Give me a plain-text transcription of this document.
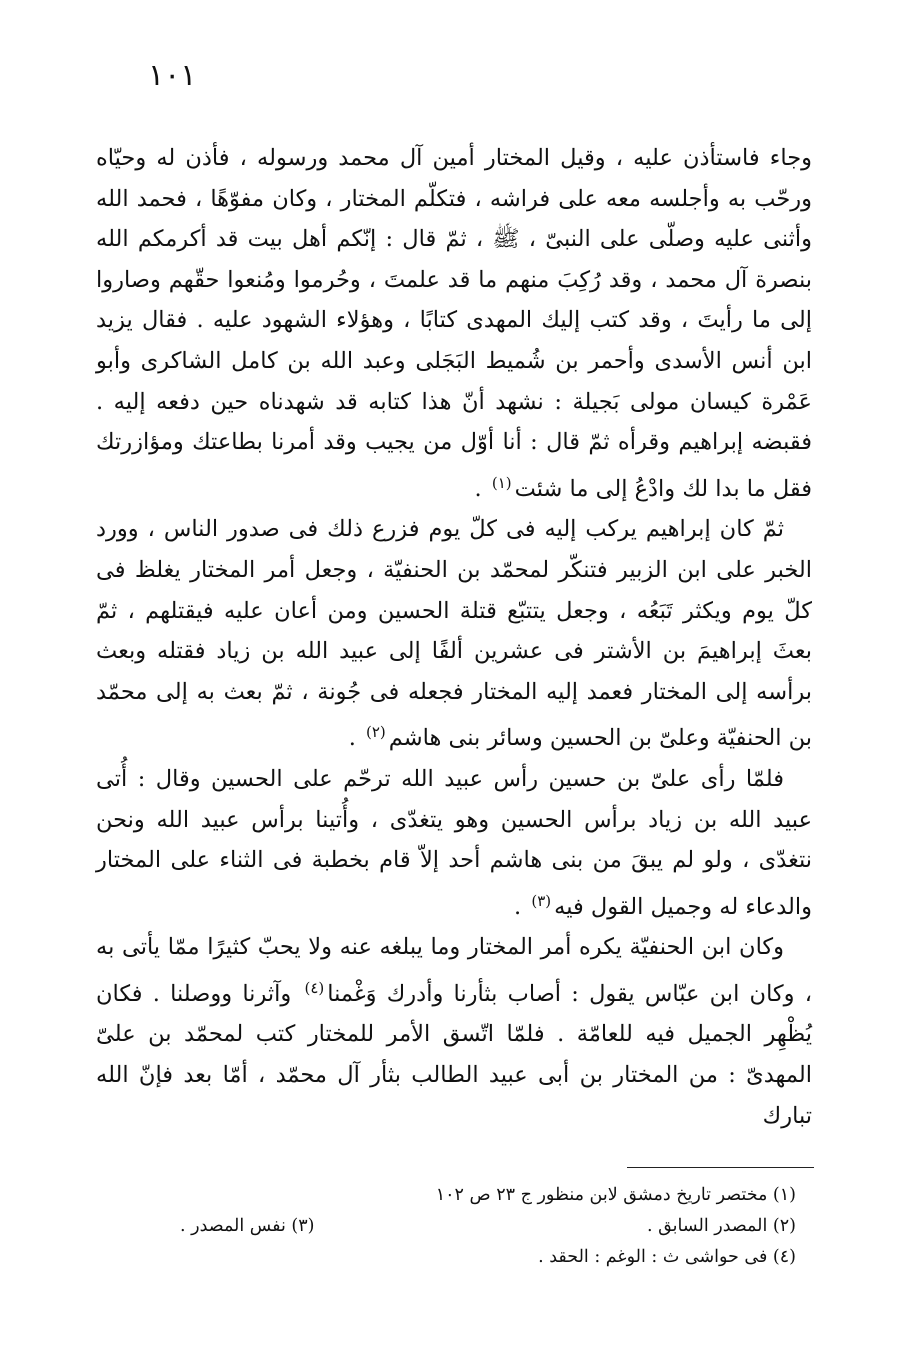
١٠١

وجاء فاستأذن عليه ، وقيل المختار أمين آل محمد ورسوله ، فأذن له وحيّاه ورحّب به وأجلسه معه على فراشه ، فتكلّم المختار ، وكان مفوّهًا ، فحمد الله وأثنى عليه وصلّى على النبىّ ، ﷺ ، ثمّ قال : إنّكم أهل بيت قد أكرمكم الله بنصرة آل محمد ، وقد رُكِبَ منهم ما قد علمتَ ، وحُرموا ومُنعوا حقّهم وصاروا إلى ما رأيتَ ، وقد كتب إليك المهدى كتابًا ، وهؤلاء الشهود عليه . فقال يزيد ابن أنس الأسدى وأحمر بن شُميط البَجَلى وعبد الله بن كامل الشاكرى وأبو عَمْرة كيسان مولى بَجيلة : نشهد أنّ هذا كتابه قد شهدناه حين دفعه إليه . فقبضه إبراهيم وقرأه ثمّ قال : أنا أوّل من يجيب وقد أمرنا بطاعتك ومؤازرتك فقل ما بدا لك وادْعُ إلى ما شئت$^{(١)}$ .

ثمّ كان إبراهيم يركب إليه فى كلّ يوم فزرع ذلك فى صدور الناس ، وورد الخبر على ابن الزبير فتنكّر لمحمّد بن الحنفيّة ، وجعل أمر المختار يغلظ فى كلّ يوم ويكثر تَبَعُه ، وجعل يتتبّع قتلة الحسين ومن أعان عليه فيقتلهم ، ثمّ بعثَ إبراهيمَ بن الأشتر فى عشرين ألفًا إلى عبيد الله بن زياد فقتله وبعث برأسه إلى المختار فعمد إليه المختار فجعله فى جُونة ، ثمّ بعث به إلى محمّد بن الحنفيّة وعلىّ بن الحسين وسائر بنى هاشم$^{(٢)}$ .

فلمّا رأى علىّ بن حسين رأس عبيد الله ترحّم على الحسين وقال : أُتى عبيد الله بن زياد برأس الحسين وهو يتغدّى ، وأُتينا برأس عبيد الله ونحن نتغدّى ، ولو لم يبقَ من بنى هاشم أحد إلاّ قام بخطبة فى الثناء على المختار والدعاء له وجميل القول فيه$^{(٣)}$ .

وكان ابن الحنفيّة يكره أمر المختار وما يبلغه عنه ولا يحبّ كثيرًا ممّا يأتى به ، وكان ابن عبّاس يقول : أصاب بثأرنا وأدرك وَغْمنا$^{(٤)}$ وآثرنا ووصلنا . فكان يُظْهِر الجميل فيه للعامّة . فلمّا اتّسق الأمر للمختار كتب لمحمّد بن علىّ المهدىّ : من المختار بن أبى عبيد الطالب بثأر آل محمّد ، أمّا بعد فإنّ الله تبارك

(١) مختصر تاريخ دمشق لابن منظور ج ٢٣ ص ١٠٢
(٢) المصدر السابق .
(٣) نفس المصدر .
(٤) فى حواشى ث : الوغم : الحقد .
